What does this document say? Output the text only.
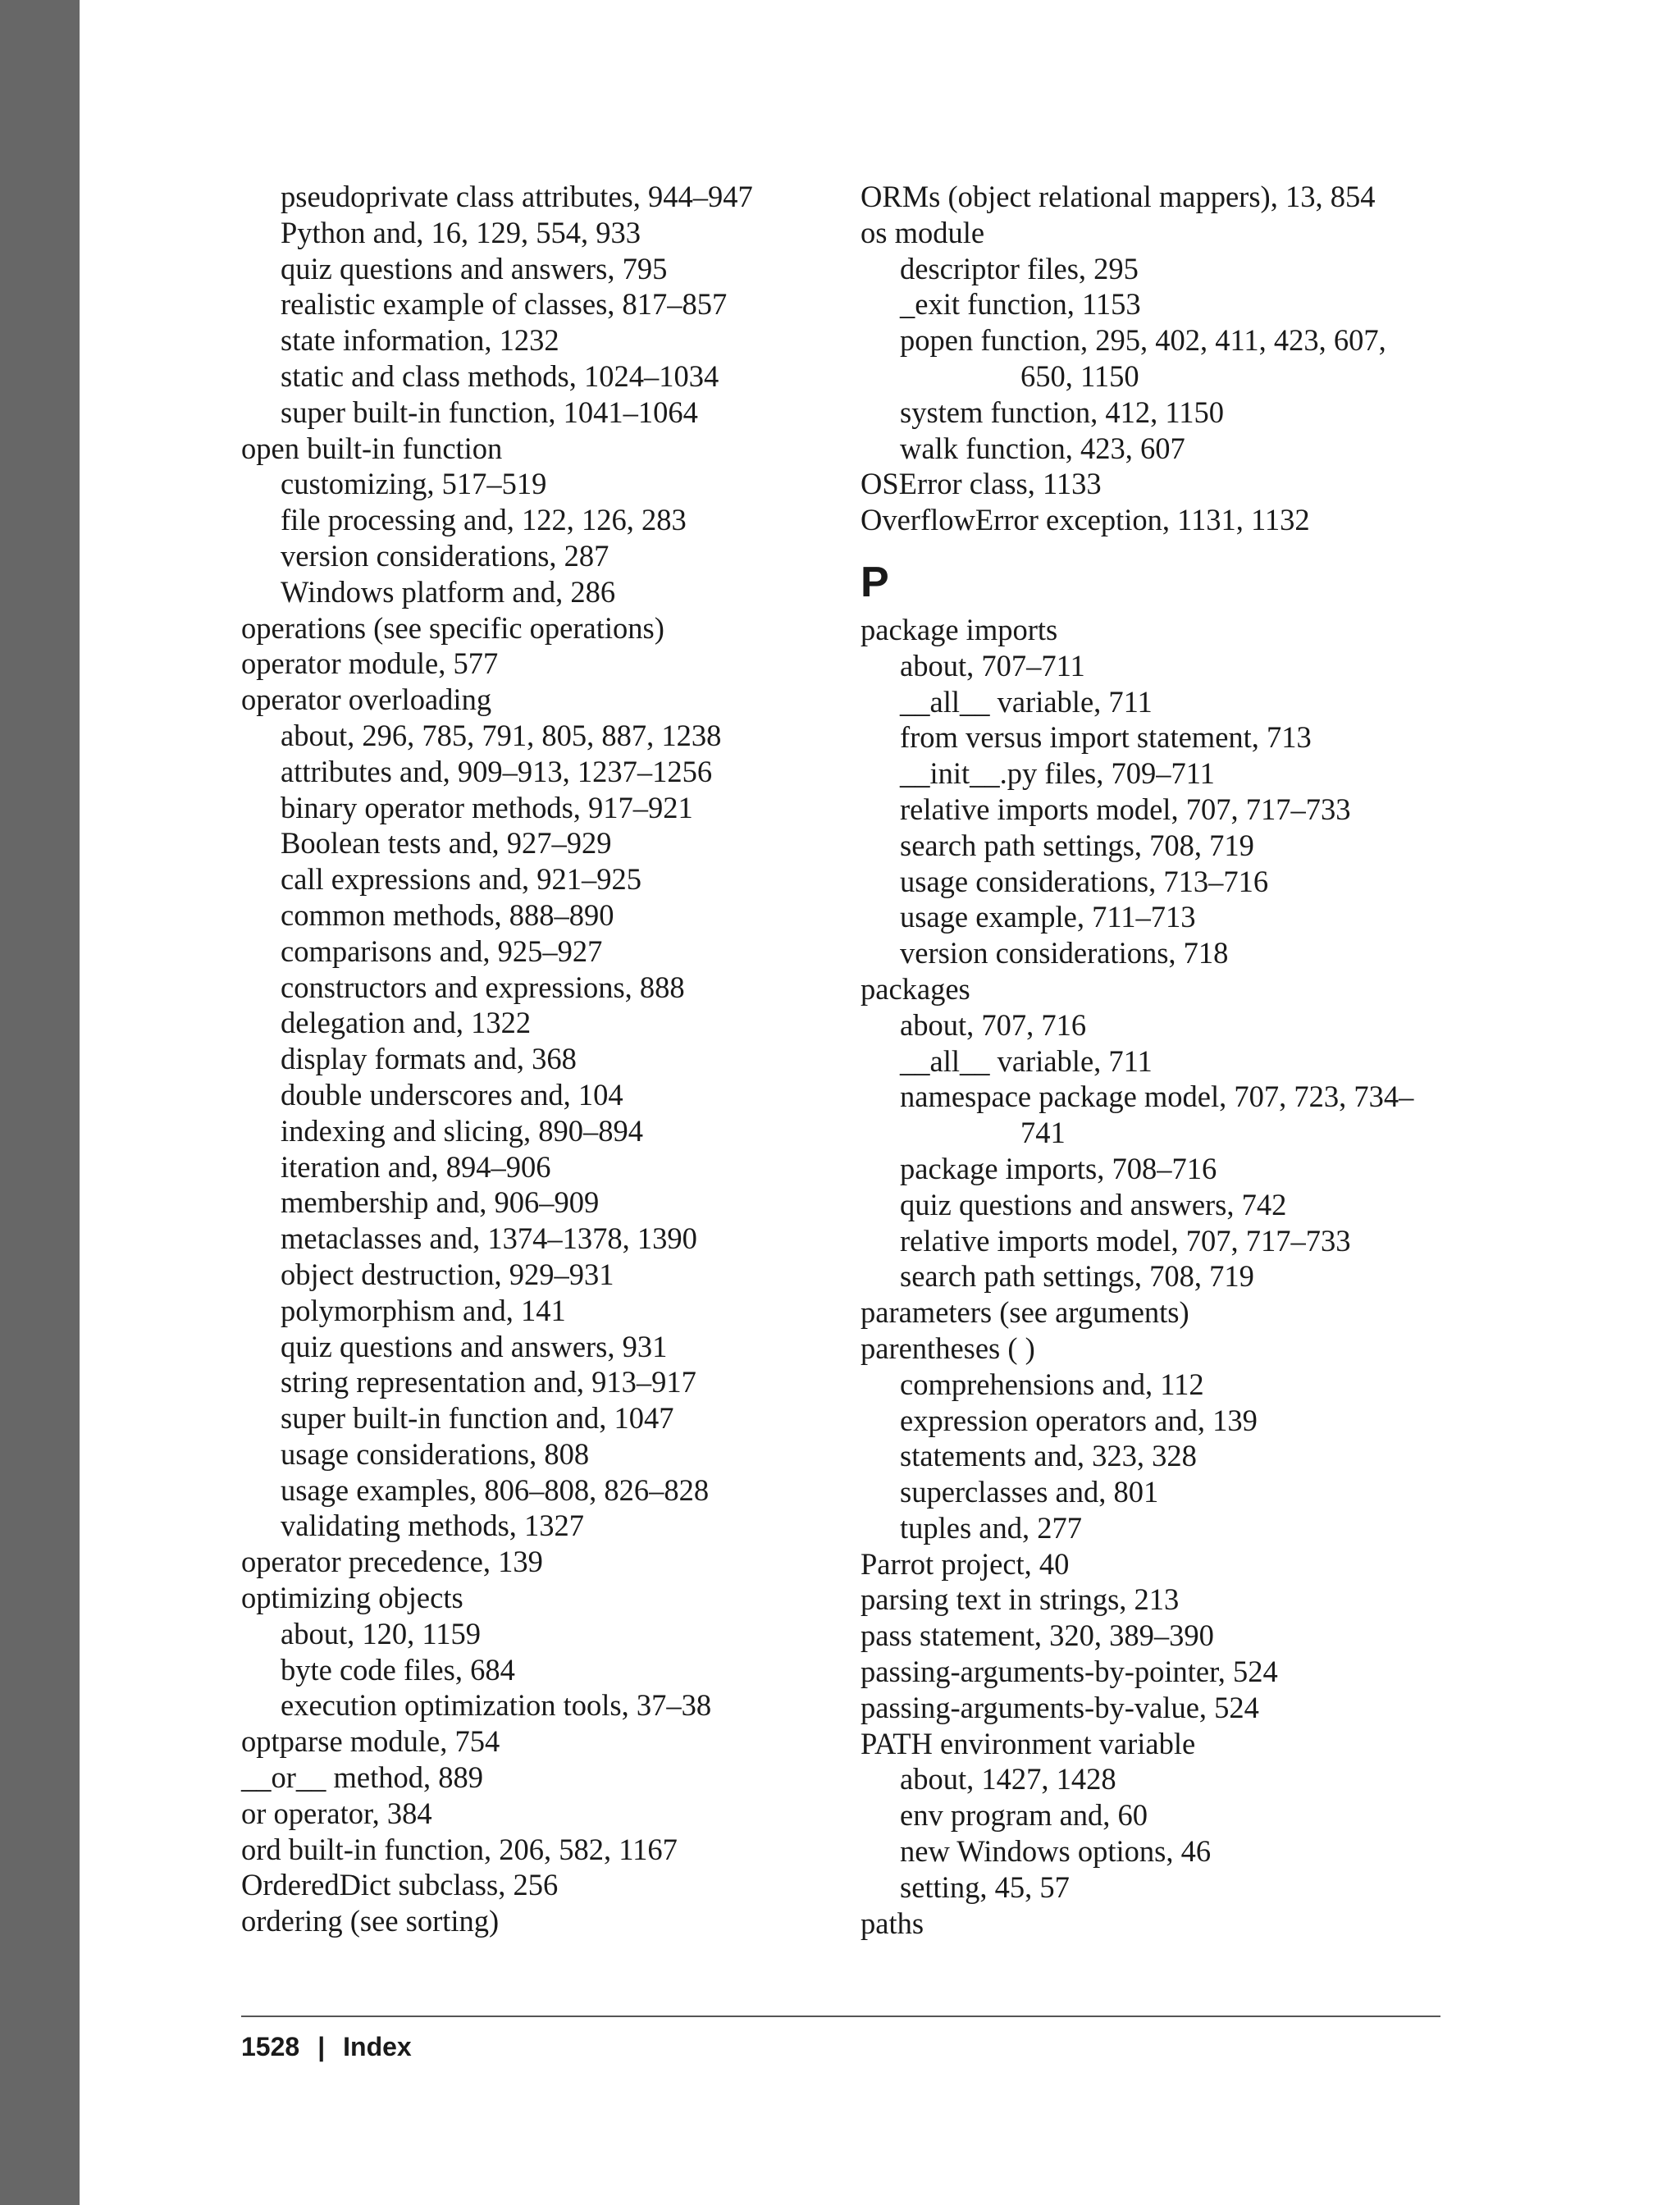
pseudoprivate class attributes, 944–947
Python and, 16, 129, 554, 933
quiz questions and answers, 795
realistic example of classes, 817–857
state information, 1232
static and class methods, 1024–1034
super built-in function, 1041–1064
open built-in function
customizing, 517–519
file processing and, 122, 126, 283
version considerations, 287
Windows platform and, 286
operations (see specific operations)
operator module, 577
operator overloading
about, 296, 785, 791, 805, 887, 1238
attributes and, 909–913, 1237–1256
binary operator methods, 917–921
Boolean tests and, 927–929
call expressions and, 921–925
common methods, 888–890
comparisons and, 925–927
constructors and expressions, 888
delegation and, 1322
display formats and, 368
double underscores and, 104
indexing and slicing, 890–894
iteration and, 894–906
membership and, 906–909
metaclasses and, 1374–1378, 1390
object destruction, 929–931
polymorphism and, 141
quiz questions and answers, 931
string representation and, 913–917
super built-in function and, 1047
usage considerations, 808
usage examples, 806–808, 826–828
validating methods, 1327
operator precedence, 139
optimizing objects
about, 120, 1159
byte code files, 684
execution optimization tools, 37–38
optparse module, 754
__or__ method, 889
or operator, 384
ord built-in function, 206, 582, 1167
OrderedDict subclass, 256
ordering (see sorting)
ORMs (object relational mappers), 13, 854
os module
descriptor files, 295
_exit function, 1153
popen function, 295, 402, 411, 423, 607,
650, 1150
system function, 412, 1150
walk function, 423, 607
OSError class, 1133
OverflowError exception, 1131, 1132
P
package imports
about, 707–711
__all__ variable, 711
from versus import statement, 713
__init__.py files, 709–711
relative imports model, 707, 717–733
search path settings, 708, 719
usage considerations, 713–716
usage example, 711–713
version considerations, 718
packages
about, 707, 716
__all__ variable, 711
namespace package model, 707, 723, 734–
741
package imports, 708–716
quiz questions and answers, 742
relative imports model, 707, 717–733
search path settings, 708, 719
parameters (see arguments)
parentheses ( )
comprehensions and, 112
expression operators and, 139
statements and, 323, 328
superclasses and, 801
tuples and, 277
Parrot project, 40
parsing text in strings, 213
pass statement, 320, 389–390
passing-arguments-by-pointer, 524
passing-arguments-by-value, 524
PATH environment variable
about, 1427, 1428
env program and, 60
new Windows options, 46
setting, 45, 57
paths
1528 | Index
